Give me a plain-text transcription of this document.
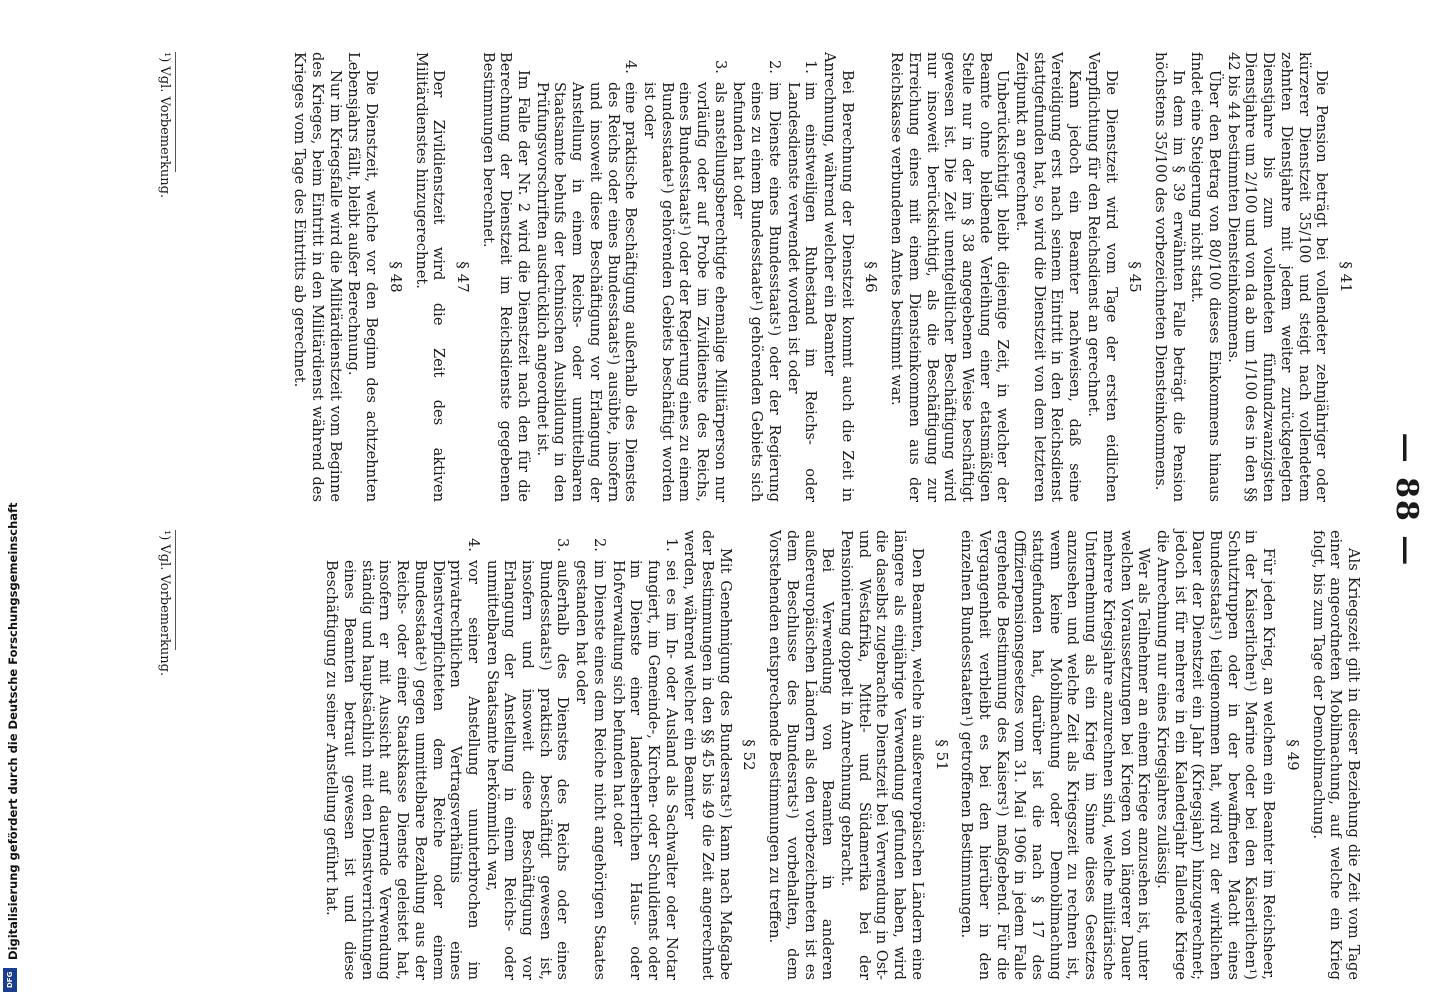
— 88 —
§ 41

Die Pension beträgt bei vollendeter zehnjähriger oder kürzerer Dienstzeit 35/100 und steigt nach vollendetem zehnten Dienstjahre mit jedem weiter zurückgelegten Dienstjahre bis zum vollendeten fünfundzwanzigsten Dienstjahre um 2/100 und von da ab um 1/100 des in den §§ 42 bis 44 bestimmten Diensteinkommens.

Über den Betrag von 80/100 dieses Einkommens hinaus findet eine Steigerung nicht statt.

In dem im § 39 erwähnten Falle beträgt die Pension höchstens 35/100 des vorbezeichneten Diensteinkommens.

§ 45

Die Dienstzeit wird vom Tage der ersten eidlichen Verpflichtung für den Reichsdienst an gerechnet.

Kann jedoch ein Beamter nachweisen, daß seine Vereidigung erst nach seinem Eintritt in den Reichsdienst stattgefunden hat, so wird die Dienstzeit von dem letzteren Zeitpunkt an gerechnet.

Unberücksichtigt bleibt diejenige Zeit, in welcher der Beamte ohne bleibende Verleihung einer etatsmäßigen Stelle nur in der im § 38 angegebenen Weise beschäftigt gewesen ist. Die Zeit unentgeltlicher Beschäftigung wird nur insoweit berücksichtigt, als die Beschäftigung zur Erreichung eines mit einem Diensteinkommen aus der Reichskasse verbundenen Amtes bestimmt war.

§ 46

Bei Berechnung der Dienstzeit kommt auch die Zeit in Anrechnung, während welcher ein Beamter

1.
im einstweiligen Ruhestand im Reichs- oder Landesdienste verwendet worden ist oder
2.
im Dienste eines Bundesstaats¹) oder der Regierung eines zu einem Bundesstaate¹) gehörenden Gebiets sich befunden hat oder
3.
als anstellungsberechtigte ehemalige Militärperson nur vorläufig oder auf Probe im Zivildienste des Reichs, eines Bundesstaats¹) oder der Regierung eines zu einem Bundesstaate¹) gehörenden Gebiets beschäftigt worden ist oder
4.
eine praktische Beschäftigung außerhalb des Dienstes des Reichs oder eines Bundesstaats¹) ausübte, insofern und insoweit diese Beschäftigung vor Erlangung der Anstellung in einem Reichs- oder unmittelbaren Staatsamte behufs der technischen Ausbildung in den Prüfungsvorschriften ausdrücklich angeordnet ist.

Im Falle der Nr. 2 wird die Dienstzeit nach den für die Berechnung der Dienstzeit im Reichsdienste gegebenen Bestimmungen berechnet.

§ 47

Der Zivildienstzeit wird die Zeit des aktiven Militärdienstes hinzugerechnet.

§ 48

Die Dienstzeit, welche vor den Beginn des achtzehnten Lebensjahrs fällt, bleibt außer Berechnung.

Nur im Kriegsfalle wird die Militärdienstzeit vom Beginne des Krieges, beim Eintritt in den Militärdienst während des Krieges vom Tage des Eintritts ab gerechnet.

¹) Vgl. Vorbemerkung.

Als Kriegszeit gilt in dieser Beziehung die Zeit vom Tage einer angeordneten Mobilmachung, auf welche ein Krieg folgt, bis zum Tage der Demobilmachung.

§ 49

Für jeden Krieg, an welchem ein Beamter im Reichsheer, in der Kaiserlichen¹) Marine oder bei den Kaiserlichen¹) Schutztruppen oder in der bewaffneten Macht eines Bundesstaats¹) teilgenommen hat, wird zu der wirklichen Dauer der Dienstzeit ein Jahr (Kriegsjahr) hinzugerechnet; jedoch ist für mehrere in ein Kalenderjahr fallende Kriege die Anrechnung nur eines Kriegsjahres zulässig.

Wer als Teilnehmer an einem Kriege anzusehen ist, unter welchen Voraussetzungen bei Kriegen von längerer Dauer mehrere Kriegsjahre anzurechnen sind, welche militärische Unternehmung als ein Krieg im Sinne dieses Gesetzes anzusehen und welche Zeit als Kriegszeit zu rechnen ist, wenn keine Mobilmachung oder Demobilmachung stattgefunden hat, darüber ist die nach § 17 des Offizierpensionsgesetzes vom 31. Mai 1906 in jedem Falle ergehende Bestimmung des Kaisers¹) maßgebend. Für die Vergangenheit verbleibt es bei den hierüber in den einzelnen Bundesstaaten¹) getroffenen Bestimmungen.

§ 51

Den Beamten, welche in außereuropäischen Ländern eine längere als einjährige Verwendung gefunden haben, wird die daselbst zugebrachte Dienstzeit bei Verwendung in Ost- und Westafrika, Mittel- und Südamerika bei der Pensionierung doppelt in Anrechnung gebracht.

Bei Verwendung von Beamten in anderen außereuropäischen Ländern als den vorbezeichneten ist es dem Beschlusse des Bundesrats¹) vorbehalten, dem Vorstehenden entsprechende Bestimmungen zu treffen.

§ 52

Mit Genehmigung des Bundesrats¹) kann nach Maßgabe der Bestimmungen in den §§ 45 bis 49 die Zeit angerechnet werden, während welcher ein Beamter

1.
sei es im In- oder Ausland als Sachwalter oder Notar fungiert, im Gemeinde-, Kirchen- oder Schuldienst oder im Dienste einer landesherrlichen Haus- oder Hofverwaltung sich befunden hat oder
2.
im Dienste eines dem Reiche nicht angehörigen Staates gestanden hat oder
3.
außerhalb des Dienstes des Reichs oder eines Bundesstaats¹) praktisch beschäftigt gewesen ist, insofern und insoweit diese Beschäftigung vor Erlangung der Anstellung in einem Reichs- oder unmittelbaren Staatsamte herkömmlich war,
4.
vor seiner Anstellung ununterbrochen im privatrechtlichen Vertragsverhältnis eines Dienstverpflichteten dem Reiche oder einem Bundesstaate¹) gegen unmittelbare Bezahlung aus der Reichs- oder einer Staatskasse Dienste geleistet hat, insofern er mit Aussicht auf dauernde Verwendung ständig und hauptsächlich mit den Dienstverrichtungen eines Beamten betraut gewesen ist und diese Beschäftigung zu seiner Anstellung geführt hat.
¹) Vgl. Vorbemerkung.
Digitalisierung gefördert durch die Deutsche Forschungsgemeinschaft
DFG
